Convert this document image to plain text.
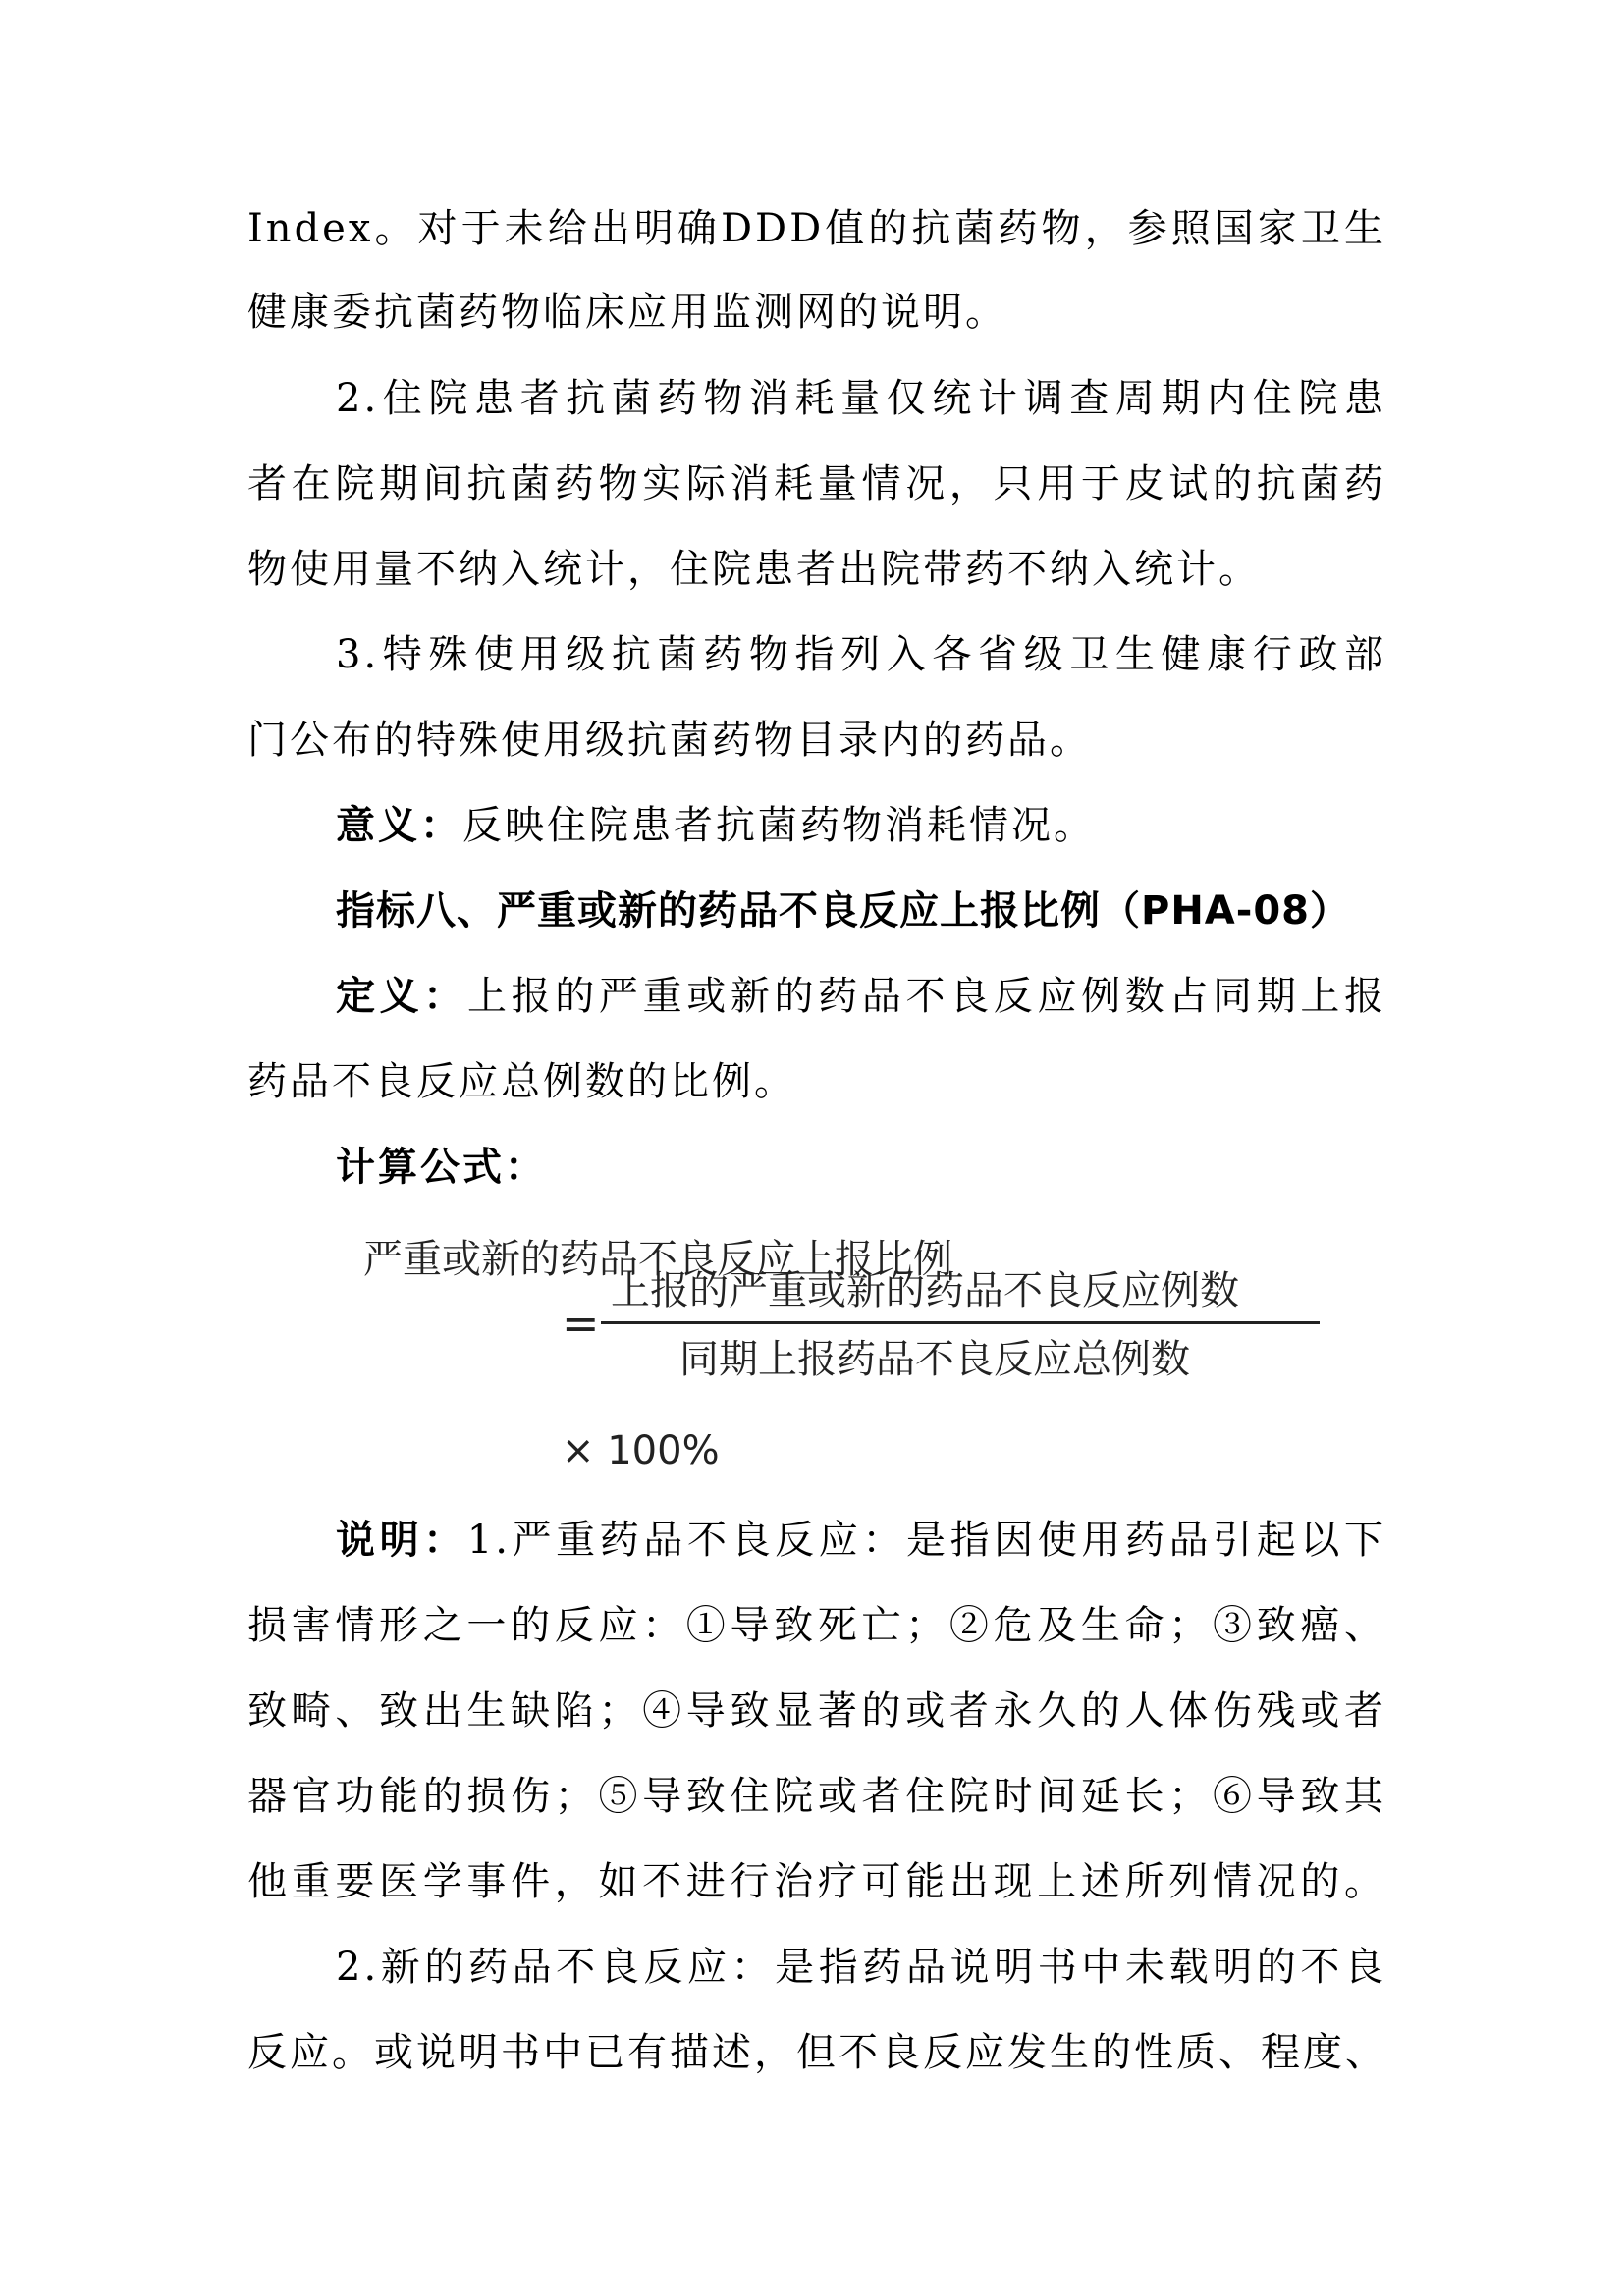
Index。对于未给出明确DDD值的抗菌药物，参照国家卫生
健康委抗菌药物临床应用监测网的说明。
2.住院患者抗菌药物消耗量仅统计调查周期内住院患
者在院期间抗菌药物实际消耗量情况，只用于皮试的抗菌药
物使用量不纳入统计，住院患者出院带药不纳入统计。
3.特殊使用级抗菌药物指列入各省级卫生健康行政部
门公布的特殊使用级抗菌药物目录内的药品。
意义：反映住院患者抗菌药物消耗情况。
指标八、严重或新的药品不良反应上报比例（PHA-08）
定义：上报的严重或新的药品不良反应例数占同期上报
药品不良反应总例数的比例。
计算公式：
严重或新的药品不良反应上报比例
=
上报的严重或新的药品不良反应例数
同期上报药品不良反应总例数
× 100%
说明：1.严重药品不良反应：是指因使用药品引起以下
损害情形之一的反应：①导致死亡；②危及生命；③致癌、
致畸、致出生缺陷；④导致显著的或者永久的人体伤残或者
器官功能的损伤；⑤导致住院或者住院时间延长；⑥导致其
他重要医学事件，如不进行治疗可能出现上述所列情况的。
2.新的药品不良反应：是指药品说明书中未载明的不良
反应。或说明书中已有描述，但不良反应发生的性质、程度、
